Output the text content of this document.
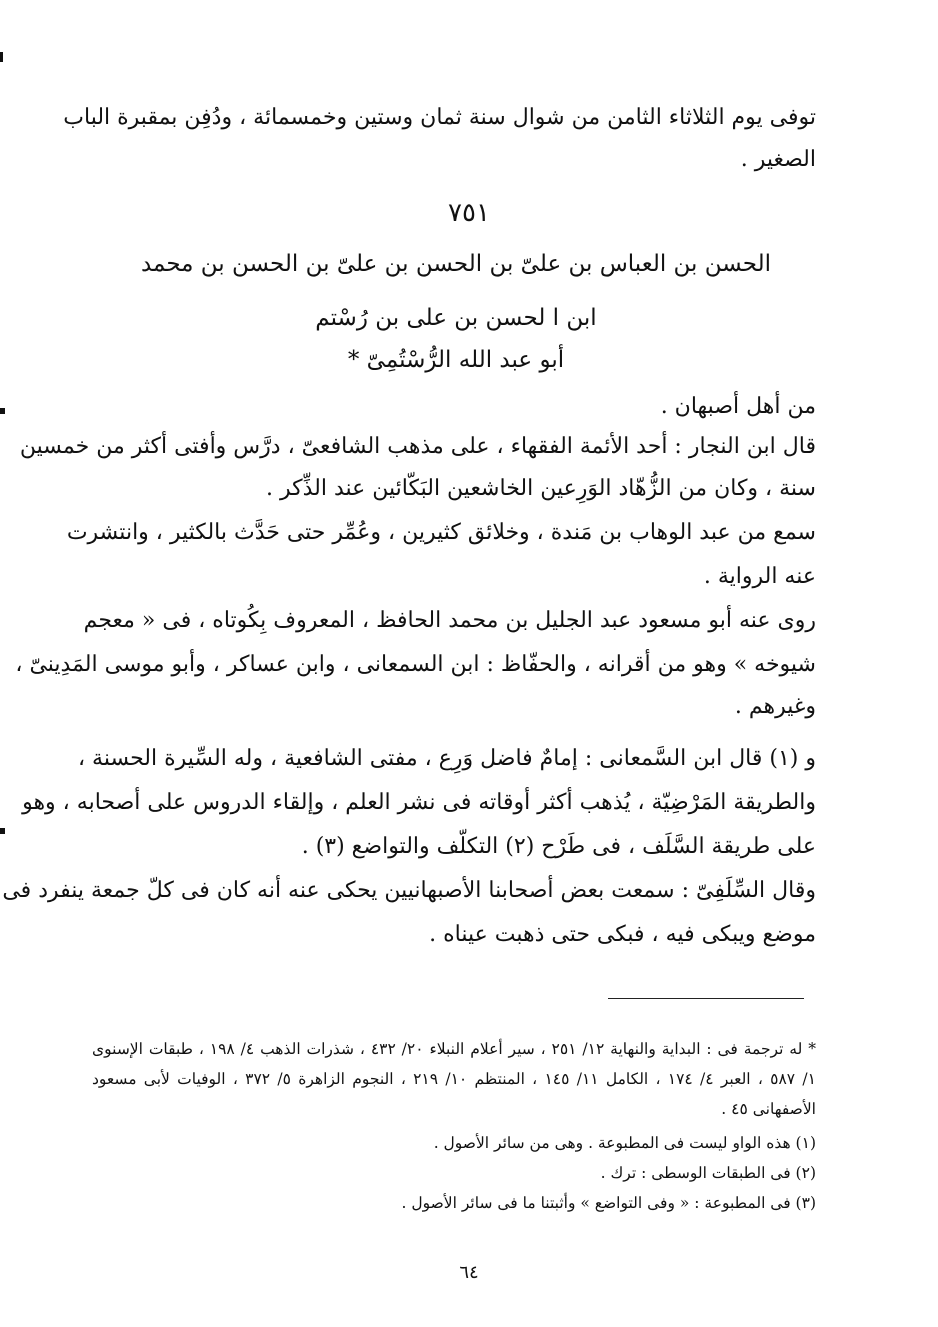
توفى يوم الثلاثاء الثامن من شوال سنة ثمان وستين وخمسمائة ، ودُفِن بمقبرة الباب
الصغير .
٧٥١
الحسن بن العباس بن علىّ بن الحسن بن علىّ بن الحسن بن محمد
ابن ا لحسن بن على بن رُسْتم
أبو عبد الله الرُّسْتُمِىّ *
من أهل أصبهان .
قال ابن النجار : أحد الأئمة الفقهاء ، على مذهب الشافعىّ ، درَّس وأفتى أكثر من خمسين
سنة ، وكان من الزُّهّاد الوَرِعين الخاشعين البَكّائين عند الذِّكر .
سمع من عبد الوهاب بن مَندة ، وخلائق كثيرين ، وعُمِّر حتى حَدَّث بالكثير ، وانتشرت
عنه الرواية .
روى عنه أبو مسعود عبد الجليل بن محمد الحافظ ، المعروف بِكُوتاه ، فى « معجم
شيوخه » وهو من أقرانه ، والحفّاظ : ابن السمعانى ، وابن عساكر ، وأبو موسى المَدِينىّ ،
وغيرهم .
و (١) قال ابن السَّمعانى : إمامٌ فاضل وَرِع ، مفتى الشافعية ، وله السِّيرة الحسنة ،
والطريقة المَرْضِيّة ، يُذهب أكثر أوقاته فى نشر العلم ، وإلقاء الدروس على أصحابه ، وهو
على طريقة السَّلَف ، فى طَرْح (٢) التكلّف والتواضع (٣) .
وقال السِّلَفِىّ : سمعت بعض أصحابنا الأصبهانيين يحكى عنه أنه كان فى كلّ جمعة ينفرد فى
موضع ويبكى فيه ، فبكى حتى ذهبت عيناه .
* له ترجمة فى : البداية والنهاية ١٢/ ٢٥١ ، سير أعلام النبلاء ٢٠/ ٤٣٢ ، شذرات الذهب ٤/ ١٩٨ ، طبقات الإسنوى
١/ ٥٨٧ ، العبر ٤/ ١٧٤ ، الكامل ١١/ ١٤٥ ، المنتظم ١٠/ ٢١٩ ، النجوم الزاهرة ٥/ ٣٧٢ ، الوفيات لأبى مسعود
الأصفهانى ٤٥ .
(١) هذه الواو ليست فى المطبوعة . وهى من سائر الأصول .
(٢) فى الطبقات الوسطى : ترك .
(٣) فى المطبوعة : « وفى التواضع » وأثبتنا ما فى سائر الأصول .
٦٤
